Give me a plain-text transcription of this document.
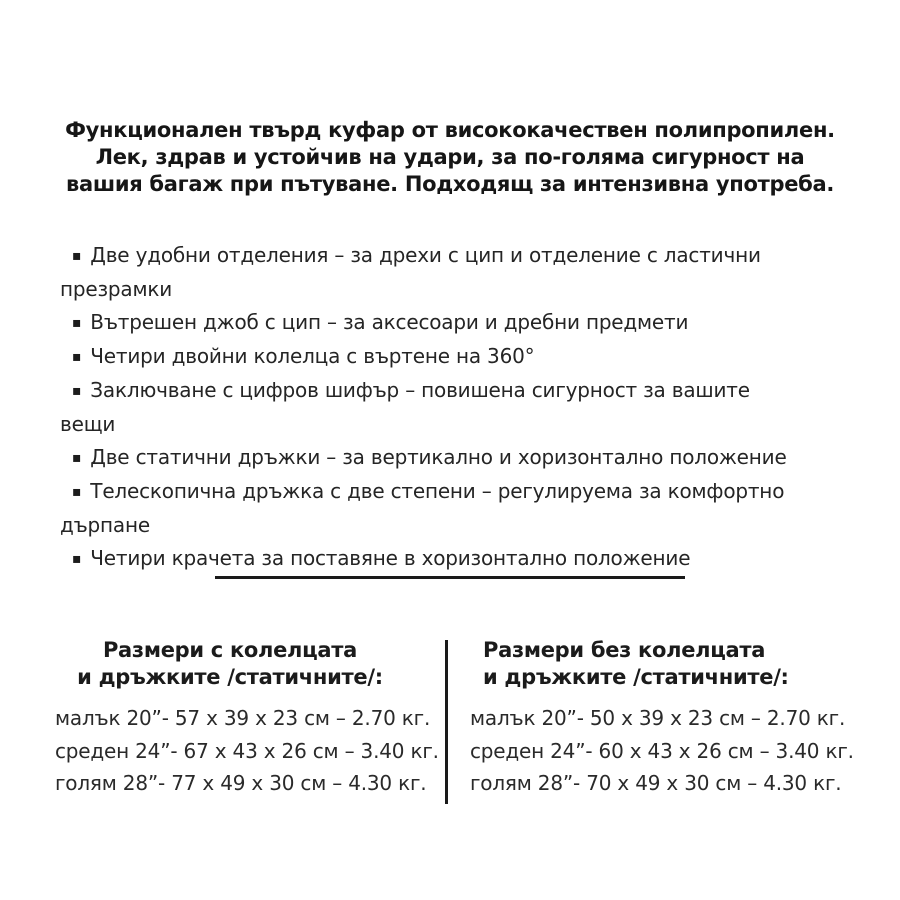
Функционален твърд куфар от висококачествен полипропилен.
Лек, здрав и устойчив на удари, за по-голяма сигурност на
вашия багаж при пътуване. Подходящ за интензивна употреба.
▪ Две удобни отделения – за дрехи с цип и отделение с ластични презрамки
▪ Вътрешен джоб с цип – за аксесоари и дребни предмети
▪ Четири двойни колелца с въртене на 360°
▪ Заключване с цифров шифър – повишена сигурност за вашите вещи
▪ Две статични дръжки – за вертикално и хоризонтално положение
▪ Телескопична дръжка с две степени – регулируема за комфортно дърпане
▪ Четири крачета за поставяне в хоризонтално положение
Размери с колелцата
и дръжките /статичните/:
малък 20”- 57 х 39 х 23 см – 2.70 кг.
среден 24”- 67 х 43 х 26 см – 3.40 кг.
голям 28”- 77 х 49 х 30 см – 4.30 кг.
Размери без колелцата
и дръжките /статичните/:
малък 20”- 50 х 39 х 23 см – 2.70 кг.
среден 24”- 60 х 43 х 26 см – 3.40 кг.
голям 28”- 70 х 49 х 30 см – 4.30 кг.
